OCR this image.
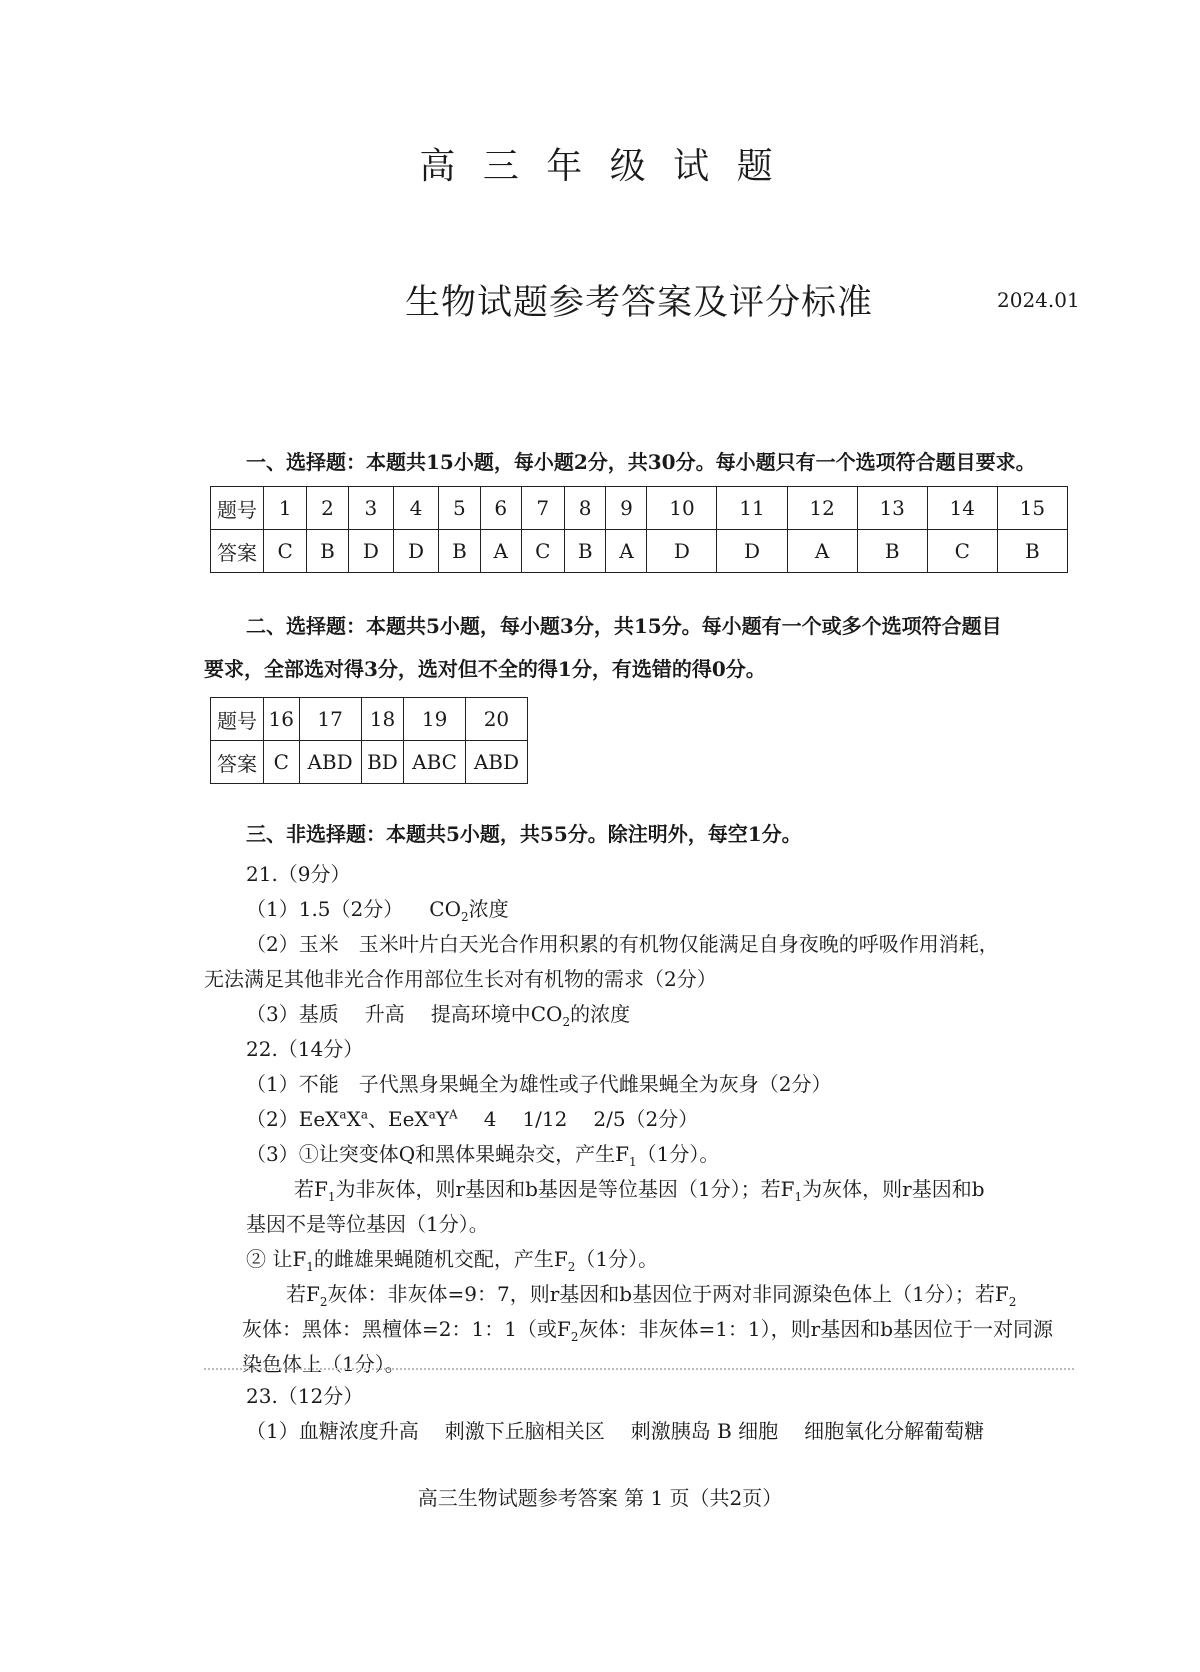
高 三 年 级 试 题
生物试题参考答案及评分标准	2024.01
一、选择题：本题共15小题，每小题2分，共30分。每小题只有一个选项符合题目要求。
题号	1	2	3	4	5	6	7	8	9	10	11	12	13	14	15
答案	C	B	D	D	B	A	C	B	A	D	D	A	B	C	B
二、选择题：本题共5小题，每小题3分，共15分。每小题有一个或多个选项符合题目
要求，全部选对得3分，选对但不全的得1分，有选错的得0分。
题号	16	17	18	19	20
答案	C	ABD	BD	ABC	ABD
三、非选择题：本题共5小题，共55分。除注明外，每空1分。
21.（9分）
（1）1.5（2分） $CO_2$浓度
（2）玉米　玉米叶片白天光合作用积累的有机物仅能满足自身夜晚的呼吸作用消耗，
无法满足其他非光合作用部位生长对有机物的需求（2分）
（3）基质 升高 提高环境中$CO_2$的浓度
22.（14分）
（1）不能　子代黑身果蝇全为雄性或子代雌果蝇全为灰身（2分）
$(2)EeX^aX^a$、$EeX^aY^A$ 4 1/12 2/5（2分）
（3）①让突变体Q和黑体果蝇杂交，产生$F_1(1$分）。
若$F_1$为非灰体，则r基因和b基因是等位基因（1分）；若$F_1$为灰体，则r基因和b
基因不是等位基因（1分）。
② 让$F_1$的雌雄果蝇随机交配，产生$F_2(1$分）。
若$F_2$灰体：非灰体=9：7，则r基因和b基因位于两对非同源染色体上（1分）；若$F_2$
灰体：黑体：黑檀体=2：1：1（或$F_2$灰体：非灰体=1：1），则r基因和b基因位于一对同源
染色体上（1分）。
23.（12分）
（1）血糖浓度升高 刺激下丘脑相关区 刺激胰岛 B 细胞 细胞氧化分解葡萄糖
高三生物试题参考答案 第 1 页（共2页）
